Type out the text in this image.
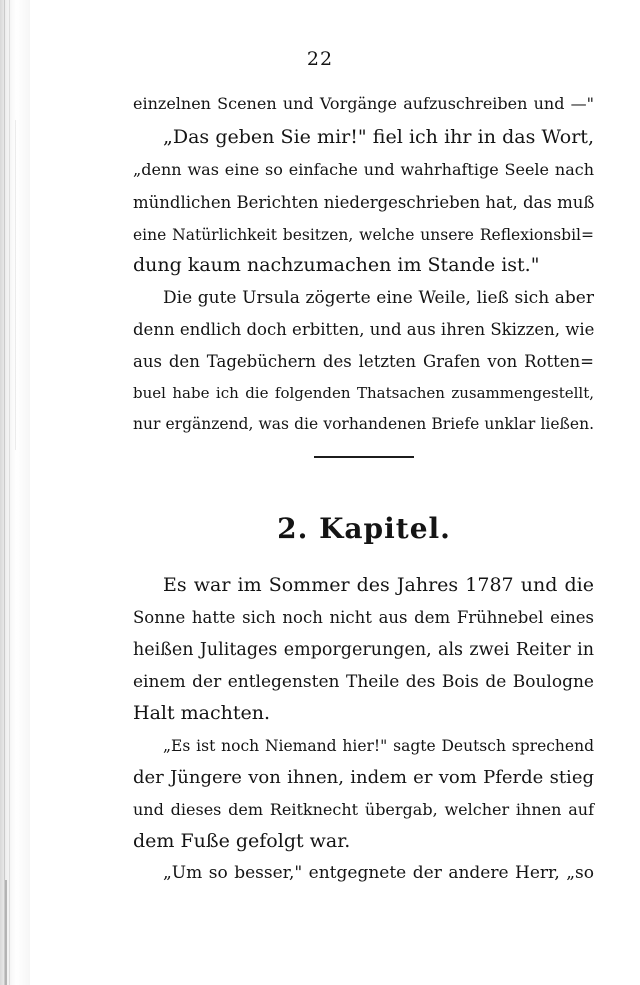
22
einzelnen Scenen und Vorgänge aufzuschreiben und —"
„Das geben Sie mir!" fiel ich ihr in das Wort,
„denn was eine so einfache und wahrhaftige Seele nach
mündlichen Berichten niedergeschrieben hat, das muß
eine Natürlichkeit besitzen, welche unsere Reflexionsbil=
dung kaum nachzumachen im Stande ist."
Die gute Ursula zögerte eine Weile, ließ sich aber
denn endlich doch erbitten, und aus ihren Skizzen, wie
aus den Tagebüchern des letzten Grafen von Rotten=
buel habe ich die folgenden Thatsachen zusammengestellt,
nur ergänzend, was die vorhandenen Briefe unklar ließen.
2. Kapitel.
Es war im Sommer des Jahres 1787 und die
Sonne hatte sich noch nicht aus dem Frühnebel eines
heißen Julitages emporgerungen, als zwei Reiter in
einem der entlegensten Theile des Bois de Boulogne
Halt machten.
„Es ist noch Niemand hier!" sagte Deutsch sprechend
der Jüngere von ihnen, indem er vom Pferde stieg
und dieses dem Reitknecht übergab, welcher ihnen auf
dem Fuße gefolgt war.
„Um so besser," entgegnete der andere Herr, „so
